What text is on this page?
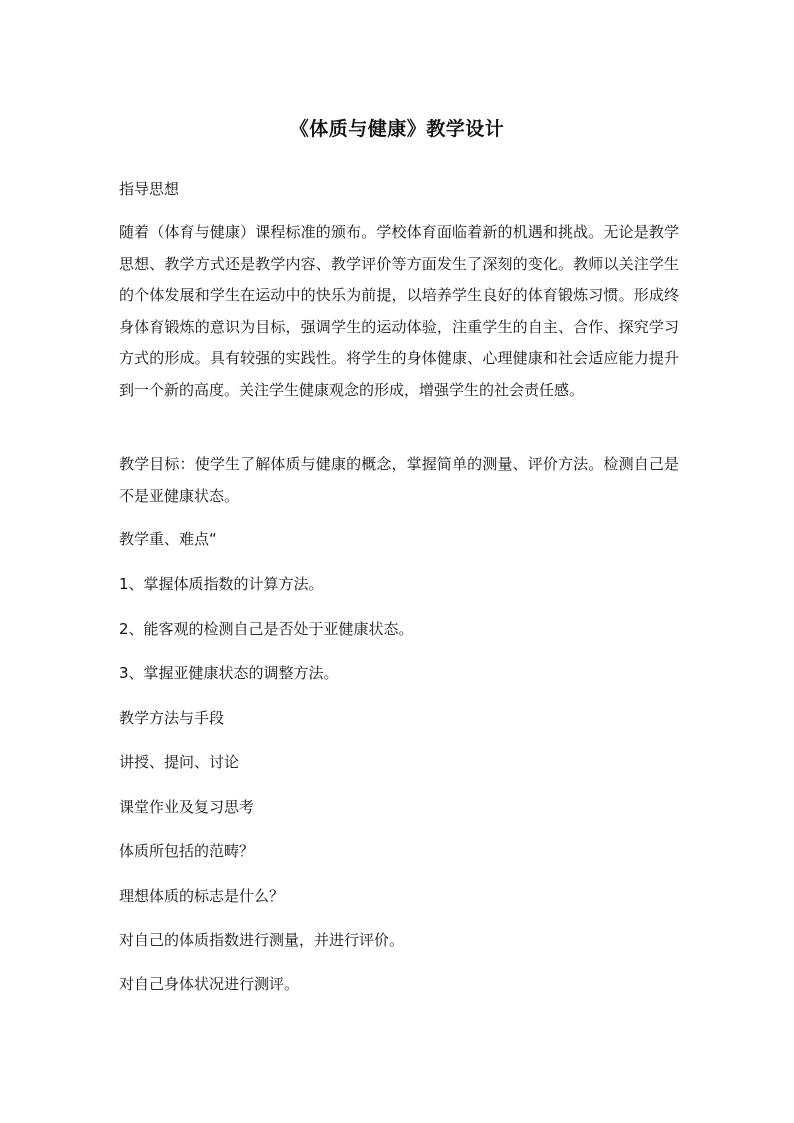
《体质与健康》教学设计

指导思想

随着（体育与健康）课程标准的颁布。学校体育面临着新的机遇和挑战。无论是教学思想、教学方式还是教学内容、教学评价等方面发生了深刻的变化。教师以关注学生的个体发展和学生在运动中的快乐为前提，以培养学生良好的体育锻炼习惯。形成终身体育锻炼的意识为目标，强调学生的运动体验，注重学生的自主、合作、探究学习方式的形成。具有较强的实践性。将学生的身体健康、心理健康和社会适应能力提升到一个新的高度。关注学生健康观念的形成，增强学生的社会责任感。

教学目标：使学生了解体质与健康的概念，掌握简单的测量、评价方法。检测自己是不是亚健康状态。

教学重、难点“

1、掌握体质指数的计算方法。

2、能客观的检测自己是否处于亚健康状态。

3、掌握亚健康状态的调整方法。

教学方法与手段

讲授、提问、讨论

课堂作业及复习思考

体质所包括的范畴？

理想体质的标志是什么？

对自己的体质指数进行测量，并进行评价。

对自己身体状况进行测评。
